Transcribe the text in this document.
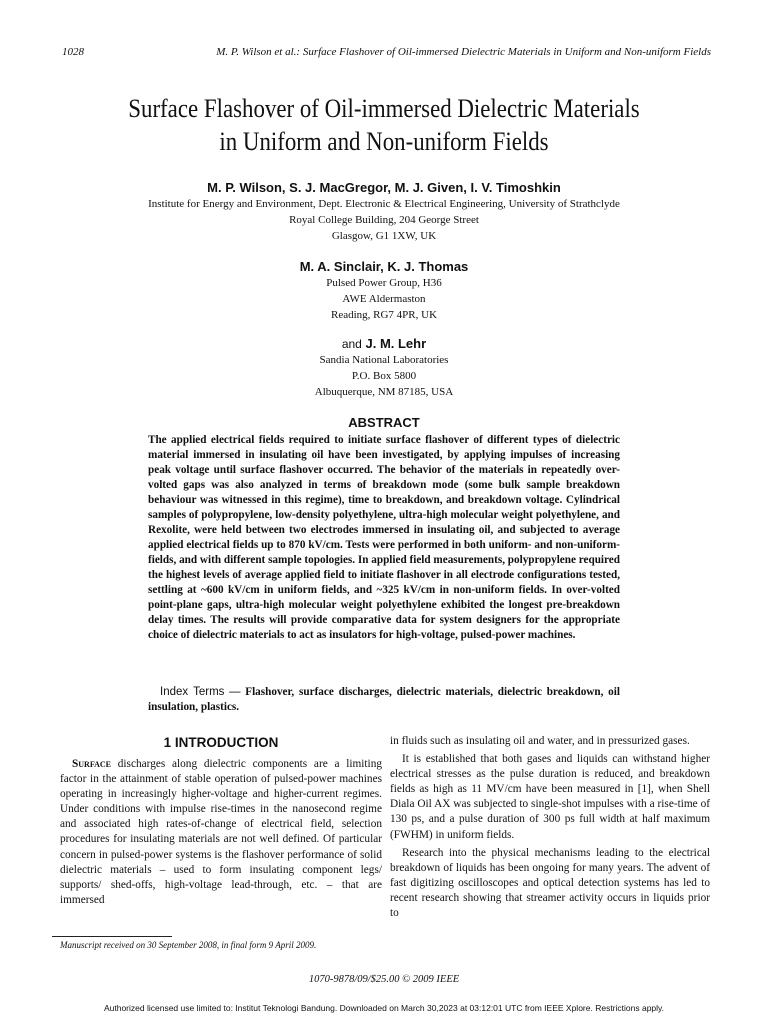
1028	M. P. Wilson et al.: Surface Flashover of Oil-immersed Dielectric Materials in Uniform and Non-uniform Fields
Surface Flashover of Oil-immersed Dielectric Materials
in Uniform and Non-uniform Fields
M. P. Wilson, S. J. MacGregor, M. J. Given, I. V. Timoshkin
Institute for Energy and Environment, Dept. Electronic & Electrical Engineering, University of Strathclyde
Royal College Building, 204 George Street
Glasgow, G1 1XW, UK
M. A. Sinclair, K. J. Thomas
Pulsed Power Group, H36
AWE Aldermaston
Reading, RG7 4PR, UK
and J. M. Lehr
Sandia National Laboratories
P.O. Box 5800
Albuquerque, NM 87185, USA
ABSTRACT
The applied electrical fields required to initiate surface flashover of different types of dielectric material immersed in insulating oil have been investigated, by applying impulses of increasing peak voltage until surface flashover occurred. The behavior of the materials in repeatedly over-volted gaps was also analyzed in terms of breakdown mode (some bulk sample breakdown behaviour was witnessed in this regime), time to breakdown, and breakdown voltage. Cylindrical samples of polypropylene, low-density polyethylene, ultra-high molecular weight polyethylene, and Rexolite, were held between two electrodes immersed in insulating oil, and subjected to average applied electrical fields up to 870 kV/cm. Tests were performed in both uniform- and non-uniform-fields, and with different sample topologies. In applied field measurements, polypropylene required the highest levels of average applied field to initiate flashover in all electrode configurations tested, settling at ~600 kV/cm in uniform fields, and ~325 kV/cm in non-uniform fields. In over-volted point-plane gaps, ultra-high molecular weight polyethylene exhibited the longest pre-breakdown delay times. The results will provide comparative data for system designers for the appropriate choice of dielectric materials to act as insulators for high-voltage, pulsed-power machines.
Index Terms — Flashover, surface discharges, dielectric materials, dielectric breakdown, oil insulation, plastics.
1 INTRODUCTION

Surface discharges along dielectric components are a limiting factor in the attainment of stable operation of pulsed-power machines operating in increasingly higher-voltage and higher-current regimes. Under conditions with impulse rise-times in the nanosecond regime and associated high rates-of-change of electrical field, selection procedures for insulating materials are not well defined. Of particular concern in pulsed-power systems is the flashover performance of solid dielectric materials – used to form insulating component legs/ supports/ shed-offs, high-voltage lead-through, etc. – that are immersed

in fluids such as insulating oil and water, and in pressurized gases.

It is established that both gases and liquids can withstand higher electrical stresses as the pulse duration is reduced, and breakdown fields as high as 11 MV/cm have been measured in [1], when Shell Diala Oil AX was subjected to single-shot impulses with a rise-time of 130 ps, and a pulse duration of 300 ps full width at half maximum (FWHM) in uniform fields.

Research into the physical mechanisms leading to the electrical breakdown of liquids has been ongoing for many years. The advent of fast digitizing oscilloscopes and optical detection systems has led to recent research showing that streamer activity occurs in liquids prior to

Manuscript received on 30 September 2008, in final form 9 April 2009.
1070-9878/09/$25.00 © 2009 IEEE
Authorized licensed use limited to: Institut Teknologi Bandung. Downloaded on March 30,2023 at 03:12:01 UTC from IEEE Xplore. Restrictions apply.
